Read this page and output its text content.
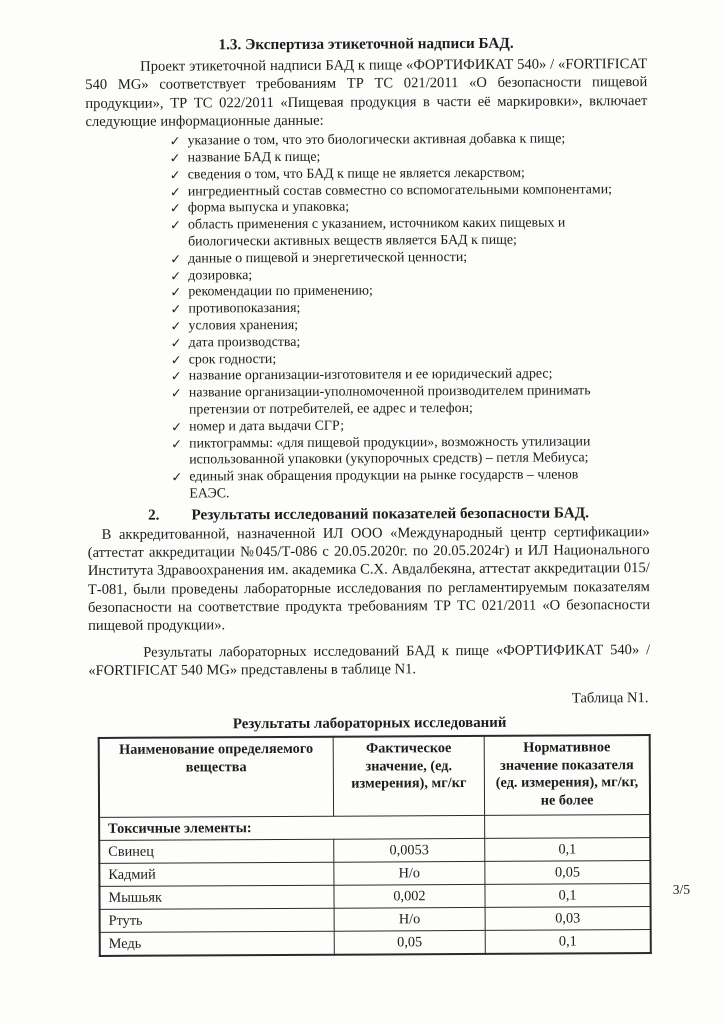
1.3. Экспертиза этикеточной надписи БАД.

Проект этикеточной надписи БАД к пище «ФОРТИФИКАТ 540» / «FORTIFICAT 540 MG» соответствует требованиям ТР ТС 021/2011 «О безопасности пищевой продукции», ТР ТС 022/2011 «Пищевая продукция в части её маркировки», включает следующие информационные данные:

✓ указание о том, что это биологически активная добавка к пище;
✓ название БАД к пище;
✓ сведения о том, что БАД к пище не является лекарством;
✓ ингредиентный состав совместно со вспомогательными компонентами;
✓ форма выпуска и упаковка;
✓ область применения с указанием, источником каких пищевых и биологически активных веществ является БАД к пище;
✓ данные о пищевой и энергетической ценности;
✓ дозировка;
✓ рекомендации по применению;
✓ противопоказания;
✓ условия хранения;
✓ дата производства;
✓ срок годности;
✓ название организации-изготовителя и ее юридический адрес;
✓ название организации-уполномоченной производителем принимать претензии от потребителей, ее адрес и телефон;
✓ номер и дата выдачи СГР;
✓ пиктограммы: «для пищевой продукции», возможность утилизации использованной упаковки (укупорочных средств) – петля Мебиуса;
✓ единый знак обращения продукции на рынке государств – членов ЕАЭС.
2. Результаты исследований показателей безопасности БАД.

В аккредитованной, назначенной ИЛ ООО «Международный центр сертификации» (аттестат аккредитации №045/Т-086 с 20.05.2020г. по 20.05.2024г) и ИЛ Национального Института Здравоохранения им. академика С.Х. Авдалбекяна, аттестат аккредитации 015/Т-081, были проведены лабораторные исследования по регламентируемым показателям безопасности на соответствие продукта требованиям ТР ТС 021/2011 «О безопасности пищевой продукции».

Результаты лабораторных исследований БАД к пище «ФОРТИФИКАТ 540» / «FORTIFICAT 540 MG» представлены в таблице N1.

Таблица N1.
Результаты лабораторных исследований
Наименование определяемого вещества	Фактическое значение, (ед. измерения), мг/кг	Нормативное значение показателя (ед. измерения), мг/кг, не более
Токсичные элементы:		
Свинец	0,0053	0,1
Кадмий	Н/о	0,05
Мышьяк	0,002	0,1
Ртуть	Н/о	0,03
Медь	0,05	0,1
3/5
